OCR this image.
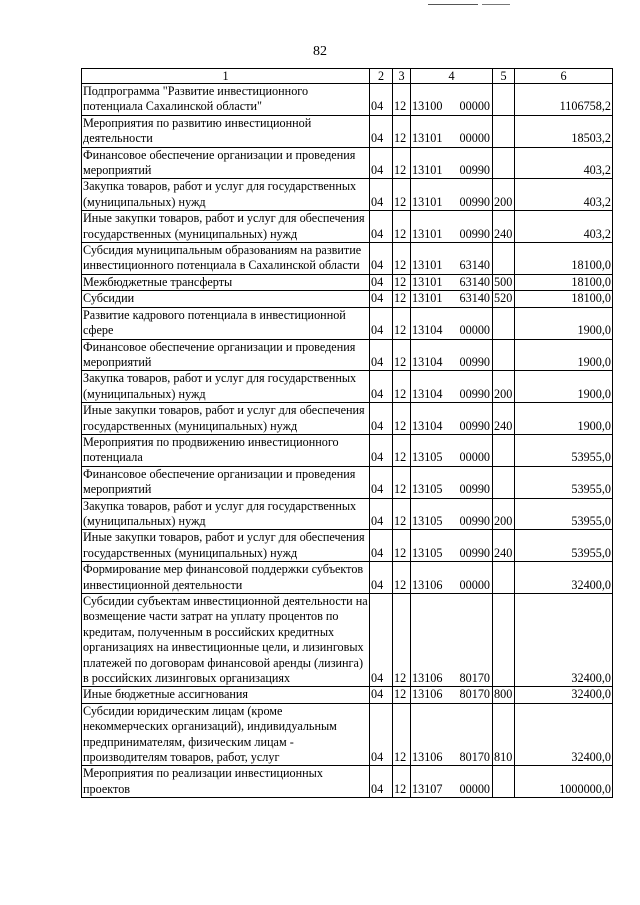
82
1	2	3	4	5	6
Подпрограмма "Развитие инвестиционного потенциала Сахалинской области"	04	12	13100 00000		1106758,2
Мероприятия по развитию инвестиционной деятельности	04	12	13101 00000		18503,2
Финансовое обеспечение организации и проведения мероприятий	04	12	13101 00990		403,2
Закупка товаров, работ и услуг для государственных (муниципальных) нужд	04	12	13101 00990	200	403,2
Иные закупки товаров, работ и услуг для обеспечения государственных (муниципальных) нужд	04	12	13101 00990	240	403,2
Субсидия муниципальным образованиям на развитие инвестиционного потенциала в Сахалинской области	04	12	13101 63140		18100,0
Межбюджетные трансферты	04	12	13101 63140	500	18100,0
Субсидии	04	12	13101 63140	520	18100,0
Развитие кадрового потенциала в инвестиционной сфере	04	12	13104 00000		1900,0
Финансовое обеспечение организации и проведения мероприятий	04	12	13104 00990		1900,0
Закупка товаров, работ и услуг для государственных (муниципальных) нужд	04	12	13104 00990	200	1900,0
Иные закупки товаров, работ и услуг для обеспечения государственных (муниципальных) нужд	04	12	13104 00990	240	1900,0
Мероприятия по продвижению инвестиционного потенциала	04	12	13105 00000		53955,0
Финансовое обеспечение организации и проведения мероприятий	04	12	13105 00990		53955,0
Закупка товаров, работ и услуг для государственных (муниципальных) нужд	04	12	13105 00990	200	53955,0
Иные закупки товаров, работ и услуг для обеспечения государственных (муниципальных) нужд	04	12	13105 00990	240	53955,0
Формирование мер финансовой поддержки субъектов инвестиционной деятельности	04	12	13106 00000		32400,0
Субсидии субъектам инвестиционной деятельности на возмещение части затрат на уплату процентов по кредитам, полученным в российских кредитных организациях на инвестиционные цели, и лизинговых платежей по договорам финансовой аренды (лизинга) в российских лизинговых организациях	04	12	13106 80170		32400,0
Иные бюджетные ассигнования	04	12	13106 80170	800	32400,0
Субсидии юридическим лицам (кроме некоммерческих организаций), индивидуальным предпринимателям, физическим лицам - производителям товаров, работ, услуг	04	12	13106 80170	810	32400,0
Мероприятия по реализации инвестиционных проектов	04	12	13107 00000		1000000,0
